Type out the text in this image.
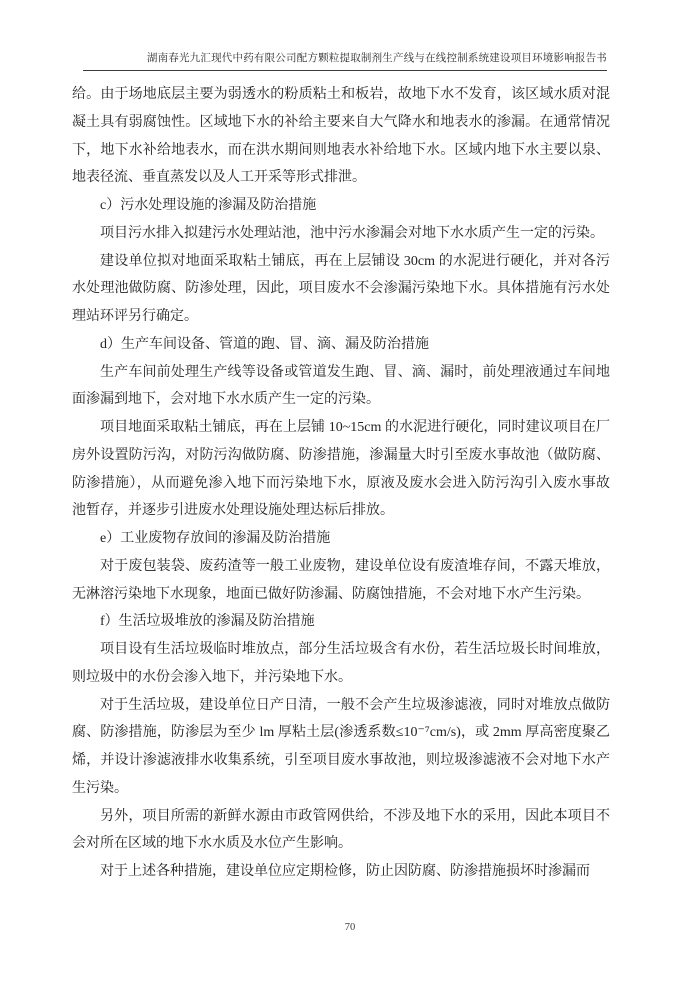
湖南春光九汇现代中药有限公司配方颗粒提取制剂生产线与在线控制系统建设项目环境影响报告书

给。由于场地底层主要为弱透水的粉质粘土和板岩，故地下水不发育，该区域水质对混凝土具有弱腐蚀性。区域地下水的补给主要来自大气降水和地表水的渗漏。在通常情况下，地下水补给地表水，而在洪水期间则地表水补给地下水。区域内地下水主要以泉、地表径流、垂直蒸发以及人工开采等形式排泄。

c）污水处理设施的渗漏及防治措施

项目污水排入拟建污水处理站池，池中污水渗漏会对地下水水质产生一定的污染。

建设单位拟对地面采取粘土铺底，再在上层铺设 30cm 的水泥进行硬化，并对各污水处理池做防腐、防渗处理，因此，项目废水不会渗漏污染地下水。具体措施有污水处理站环评另行确定。

d）生产车间设备、管道的跑、冒、滴、漏及防治措施

生产车间前处理生产线等设备或管道发生跑、冒、滴、漏时，前处理液通过车间地面渗漏到地下，会对地下水水质产生一定的污染。

项目地面采取粘土铺底，再在上层铺 10~15cm 的水泥进行硬化，同时建议项目在厂房外设置防污沟，对防污沟做防腐、防渗措施，渗漏量大时引至废水事故池（做防腐、防渗措施），从而避免渗入地下而污染地下水，原液及废水会进入防污沟引入废水事故池暂存，并逐步引进废水处理设施处理达标后排放。

e）工业废物存放间的渗漏及防治措施

对于废包装袋、废药渣等一般工业废物，建设单位设有废渣堆存间，不露天堆放，无淋溶污染地下水现象，地面已做好防渗漏、防腐蚀措施，不会对地下水产生污染。

f）生活垃圾堆放的渗漏及防治措施

项目设有生活垃圾临时堆放点，部分生活垃圾含有水份，若生活垃圾长时间堆放，则垃圾中的水份会渗入地下，并污染地下水。

对于生活垃圾，建设单位日产日清，一般不会产生垃圾渗滤液，同时对堆放点做防腐、防渗措施，防渗层为至少 lm 厚粘土层(渗透系数≤10⁻⁷cm/s)，或 2mm 厚高密度聚乙烯，并设计渗滤液排水收集系统，引至项目废水事故池，则垃圾渗滤液不会对地下水产生污染。

另外，项目所需的新鲜水源由市政管网供给，不涉及地下水的采用，因此本项目不会对所在区域的地下水水质及水位产生影响。

对于上述各种措施，建设单位应定期检修，防止因防腐、防渗措施损坏时渗漏而

70
